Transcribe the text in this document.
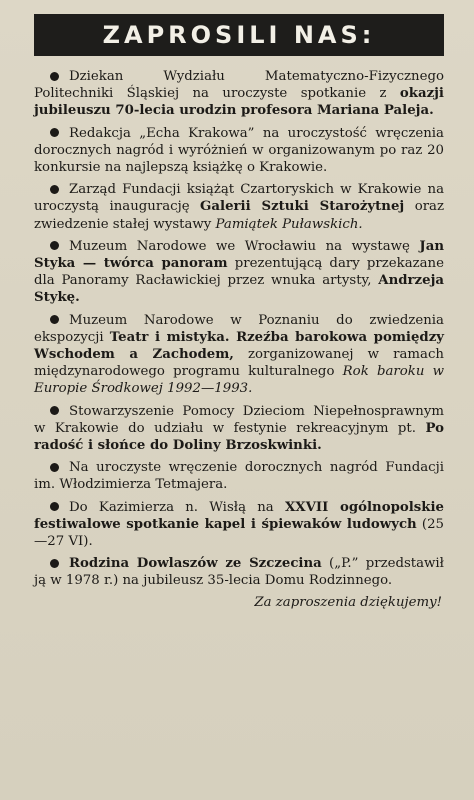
ZAPROSILI NAS:

Dziekan Wydziału Matematyczno-Fizycznego Politechniki Śląskiej na uroczyste spotkanie z okazji jubileuszu 70-lecia urodzin profesora Mariana Paleja.

Redakcja „Echa Krakowa” na uroczystość wręczenia dorocznych nagród i wyróżnień w organizowanym po raz 20 konkursie na najlepszą książkę o Krakowie.

Zarząd Fundacji książąt Czartoryskich w Krakowie na uroczystą inaugurację Galerii Sztuki Starożytnej oraz zwiedzenie stałej wystawy Pamiątek Puławskich.

Muzeum Narodowe we Wrocławiu na wystawę Jan Styka — twórca panoram prezentującą dary przekazane dla Panoramy Racławickiej przez wnuka artysty, Andrzeja Stykę.

Muzeum Narodowe w Poznaniu do zwiedzenia ekspozycji Teatr i mistyka. Rzeźba barokowa pomiędzy Wschodem a Zachodem, zorganizowanej w ramach międzynarodowego programu kulturalnego Rok baroku w Europie Środkowej 1992—1993.

Stowarzyszenie Pomocy Dzieciom Niepełnosprawnym w Krakowie do udziału w festynie rekreacyjnym pt. Po radość i słońce do Doliny Brzoskwinki.

Na uroczyste wręczenie dorocznych nagród Fundacji im. Włodzimierza Tetmajera.

Do Kazimierza n. Wisłą na XXVII ogólnopolskie festiwalowe spotkanie kapel i śpiewaków ludowych (25—27 VI).

Rodzina Dowlaszów ze Szczecina („P.” przedstawił ją w 1978 r.) na jubileusz 35-lecia Domu Rodzinnego.

Za zaproszenia dziękujemy!
